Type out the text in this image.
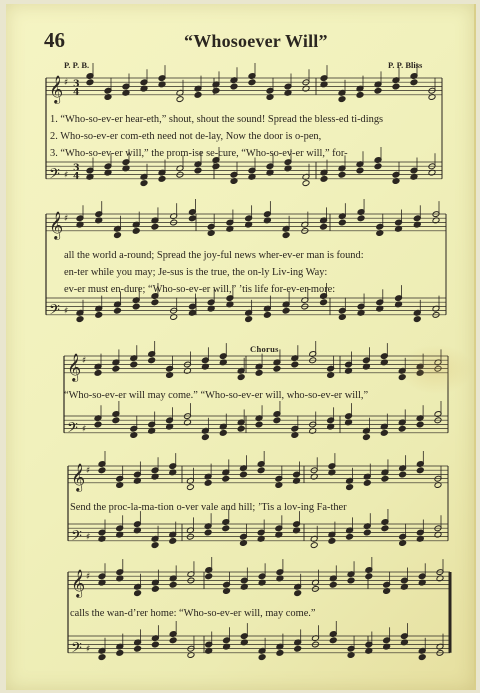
𝄞 ♯ 3
4
𝄢 ♯
3
4
𝄞 ♯
𝄢 ♯
𝄞 ♯
𝄢 ♯
𝄞 ♯
𝄢 ♯
𝄞 ♯
𝄢 ♯
46	“Whosoever Will”
P. P. B.	P. P. Bliss
Chorus
1. “Who-so-ev-er hear-eth,” shout, shout the sound! Spread the bless-ed ti-dings
2. Who-so-ev-er com-eth need not de-lay, Now the door is o-pen,
3. “Who-so-ev-er will,” the prom-ise se-cure, “Who-so-ev-er will,” for-
all the world a-round; Spread the joy-ful news wher-ev-er man is found:
en-ter while you may; Je-sus is the true, the on-ly Liv-ing Way:
ev-er must en-dure; “Who-so-ev-er will,” ’tis life for-ev-er-more:
“Who-so-ev-er will may come.” “Who-so-ev-er will, who-so-ev-er will,”
Send the proc-la-ma-tion o-ver vale and hill; ’Tis a lov-ing Fa-ther
calls the wan-d’rer home: “Who-so-ev-er will, may come.”
